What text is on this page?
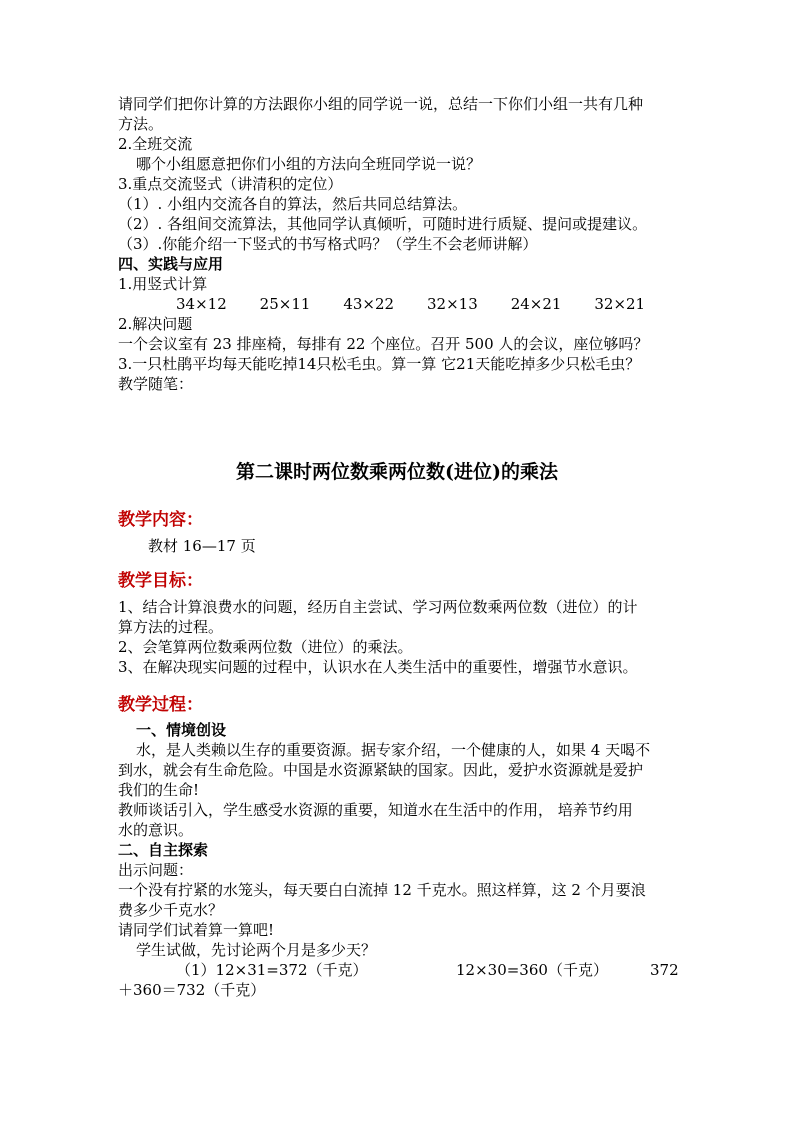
请同学们把你计算的方法跟你小组的同学说一说，总结一下你们小组一共有几种
方法。
2.全班交流
哪个小组愿意把你们小组的方法向全班同学说一说？
3.重点交流竖式（讲清积的定位）
（1）. 小组内交流各自的算法，然后共同总结算法。
（2）. 各组间交流算法，其他同学认真倾听，可随时进行质疑、提问或提建议。
（3）.你能介绍一下竖式的书写格式吗？（学生不会老师讲解）
四、实践与应用
1.用竖式计算
34×12	25×11	43×22	32×13	24×21	32×21
2.解决问题
一个会议室有 23 排座椅，每排有 22 个座位。召开 500 人的会议，座位够吗？
3.一只杜鹃平均每天能吃掉14只松毛虫。算一算 它21天能吃掉多少只松毛虫？
教学随笔：
第二课时两位数乘两位数(进位)的乘法
教学内容：
教材 16—17 页
教学目标：
1、结合计算浪费水的问题，经历自主尝试、学习两位数乘两位数（进位）的计
算方法的过程。
2、会笔算两位数乘两位数（进位）的乘法。
3、在解决现实问题的过程中，认识水在人类生活中的重要性，增强节水意识。
教学过程：
一、情境创设
水，是人类赖以生存的重要资源。据专家介绍，一个健康的人，如果 4 天喝不
到水，就会有生命危险。中国是水资源紧缺的国家。因此，爱护水资源就是爱护
我们的生命!
教师谈话引入，学生感受水资源的重要，知道水在生活中的作用， 培养节约用
水的意识。
二、自主探索
出示问题：
一个没有拧紧的水笼头，每天要白白流掉 12 千克水。照这样算，这 2 个月要浪
费多少千克水？
请同学们试着算一算吧!
学生试做，先讨论两个月是多少天？
（1）12×31=372（千克）	12×30=360（千克）	372
＋360＝732（千克）
